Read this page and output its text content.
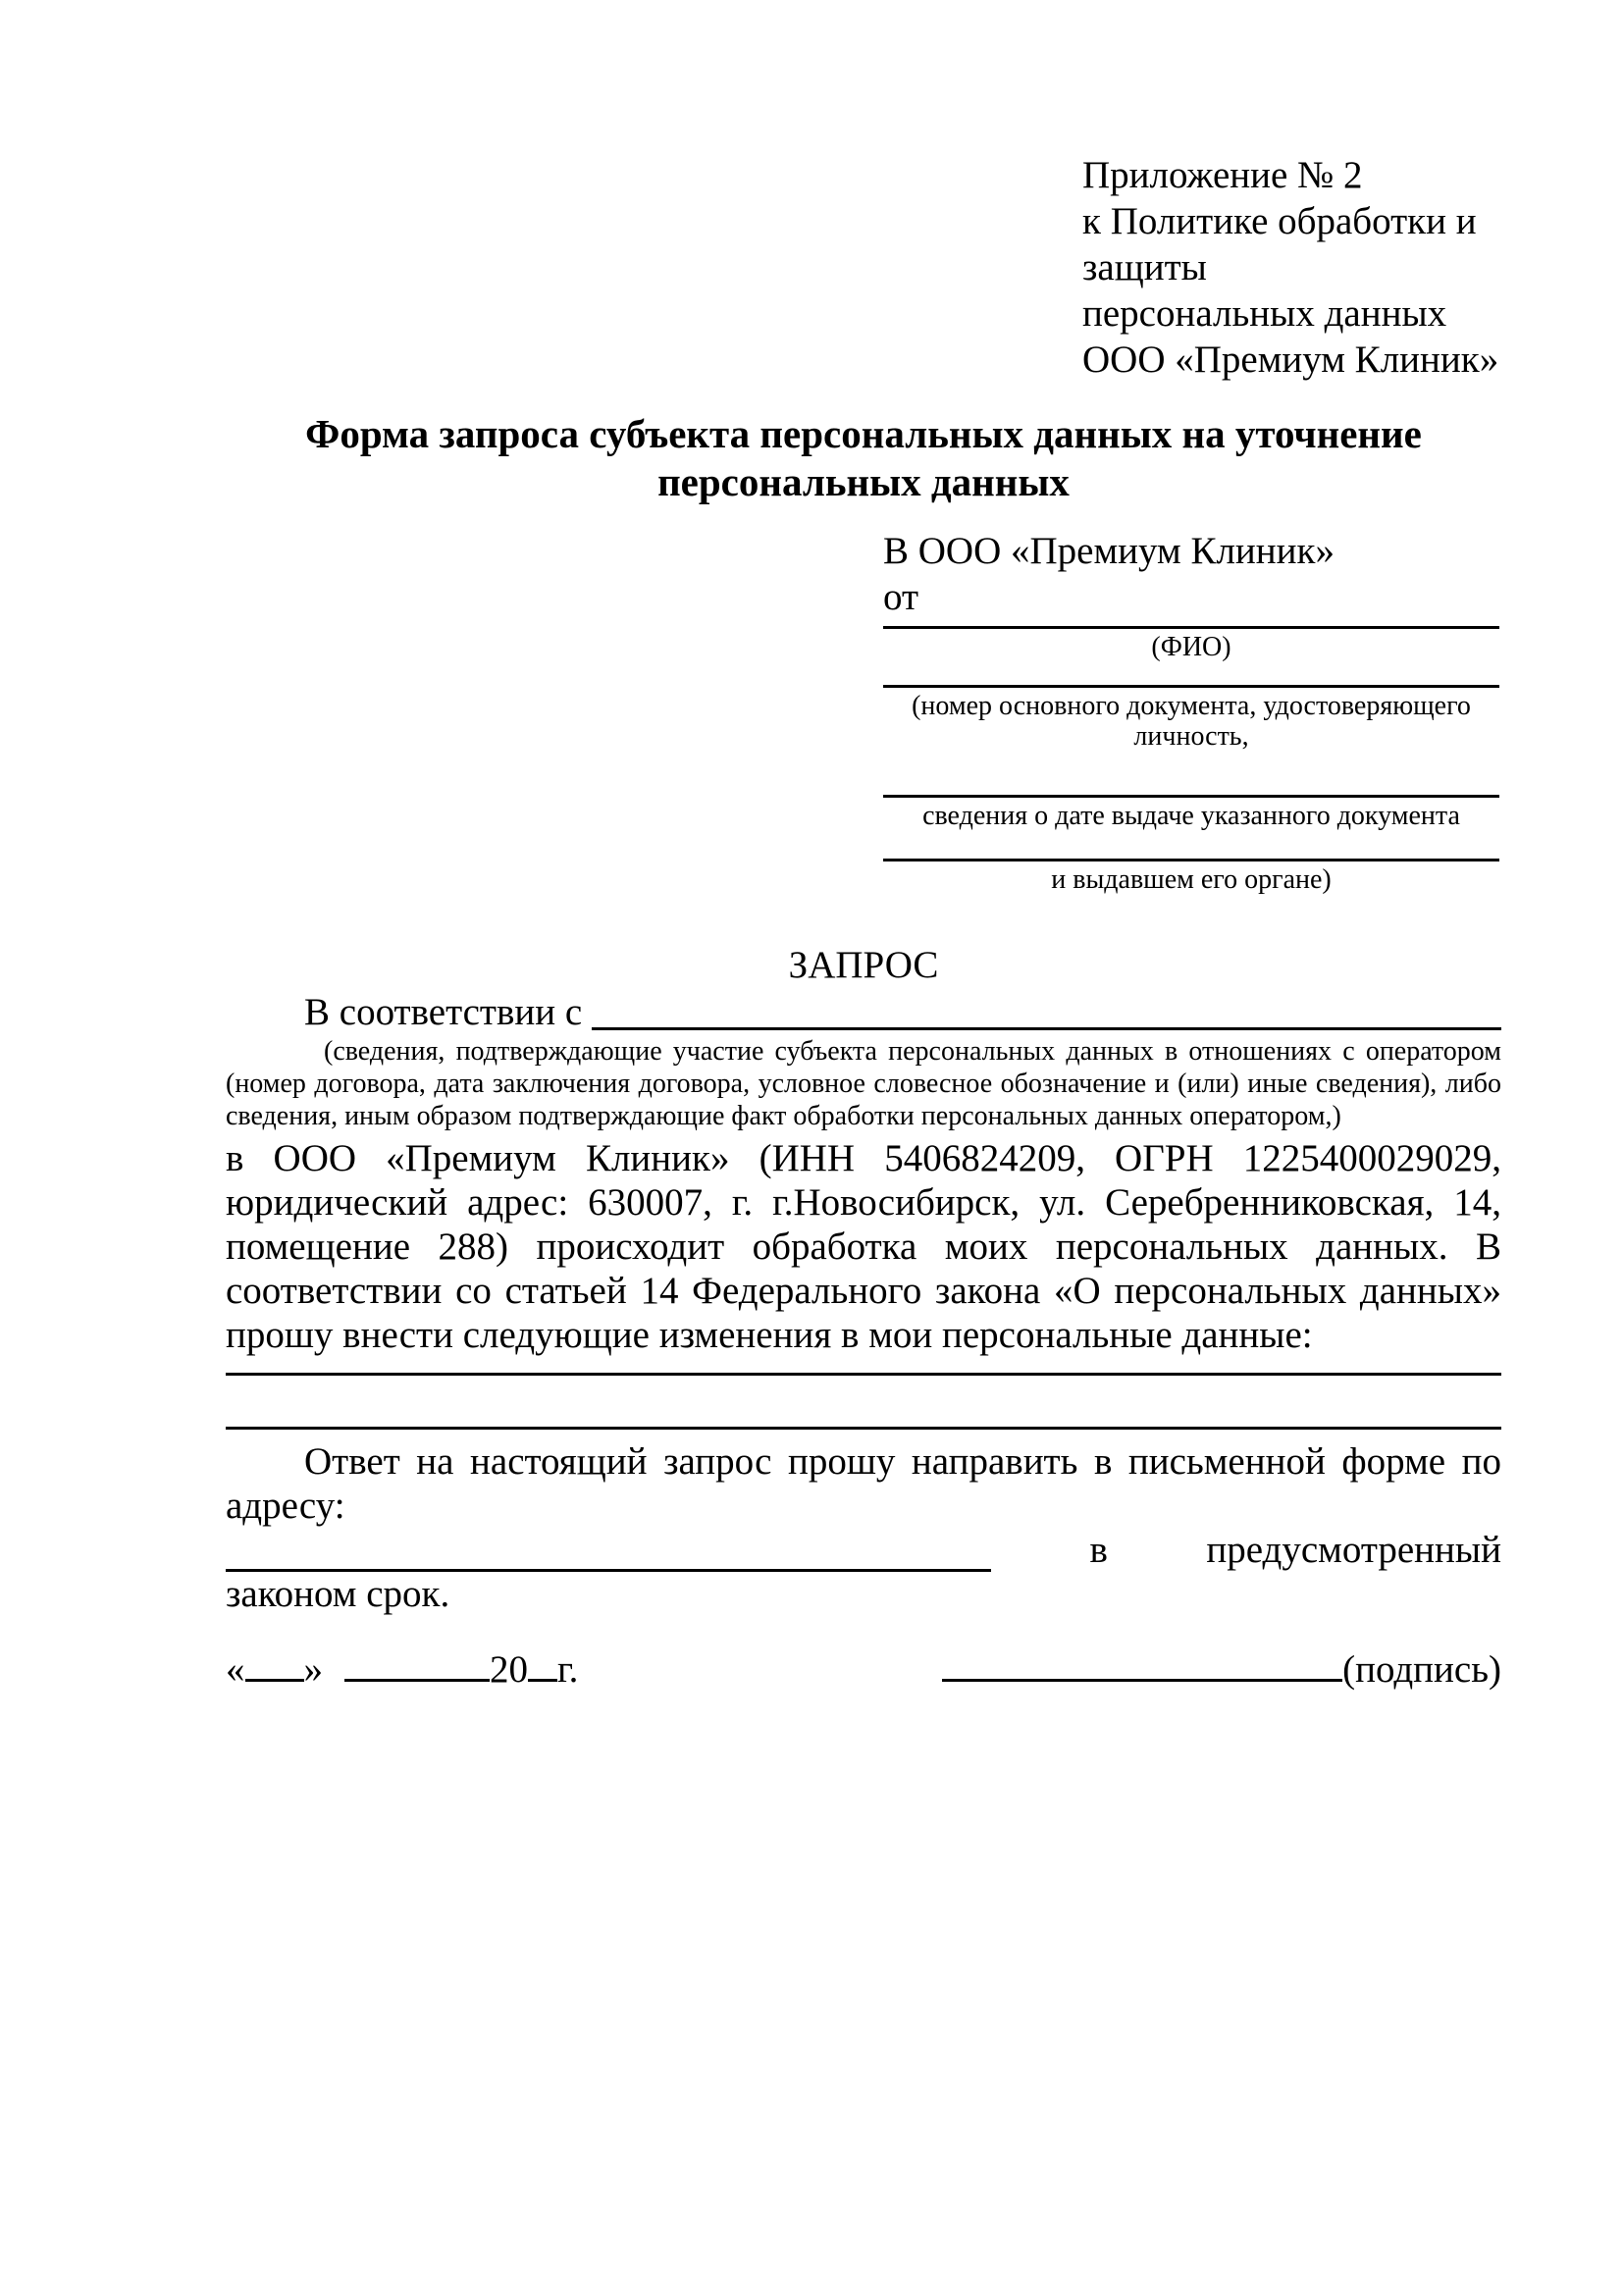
Приложение № 2
к Политике обработки и защиты
персональных данных
ООО «Премиум Клиник»
Форма запроса субъекта персональных данных на уточнение
персональных данных
В ООО «Премиум Клиник»
от
(ФИО)
(номер основного документа, удостоверяющего личность,
сведения о дате выдаче указанного документа
и выдавшем его органе)
ЗАПРОС
В соответствии с

(сведения, подтверждающие участие субъекта персональных данных в отношениях с оператором (номер договора, дата заключения договора, условное словесное обозначение и (или) иные сведения), либо сведения, иным образом подтверждающие факт обработки персональных данных оператором,)

в ООО «Премиум Клиник» (ИНН 5406824209, ОГРН 1225400029029, юридический адрес: 630007, г. г.Новосибирск, ул. Серебренниковская, 14, помещение 288) происходит обработка моих персональных данных. В соответствии со статьей 14 Федерального закона «О персональных данных» прошу внести следующие изменения в мои персональные данные:

Ответ на настоящий запрос прошу направить в письменной форме по адресу:

в	предусмотренный

законом срок.

« »	20 г.	(подпись)
